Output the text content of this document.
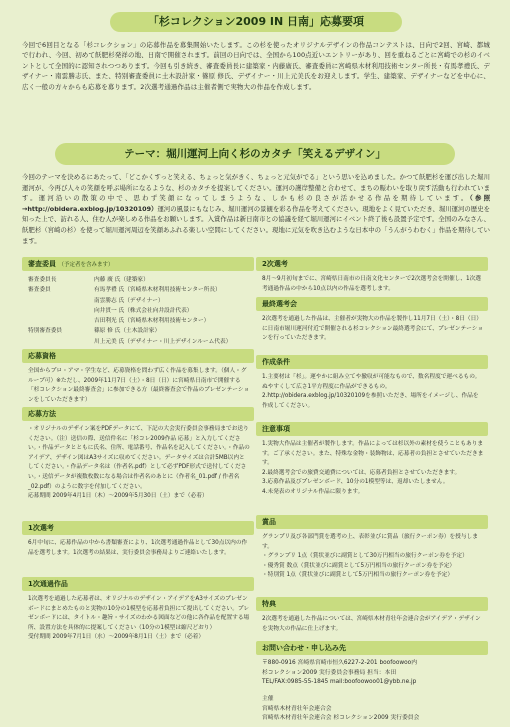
「杉コレクション2009 IN 日南」応募要項
今回で6回目となる「杉コレクション」の応募作品を募集開始いたします。この杉を使ったオリジナルデザインの作品コンテストは、日向で2回、宮崎、都城で行われ、今回、初めて飫肥杉発祥の地、日南で開催されます。前回の日向では、全国から100点近いエントリーがあり、回を重ねるごとに宮崎での杉のイベントとして全国的に認知されつつあります。今回も引き続き、審査委員長に建築家・内藤廣氏、審査委員に宮崎県木材利用技術センター所長・有馬孝禮氏、デザイナー・南雲勝志氏、また、特別審査委員に土木設計家・篠原 修氏、デザイナー・川上元美氏をお迎えします。学生、建築家、デザイナーなどを中心に、広く一般の方々からも応募を募ります。2次選考通過作品は主催者側で実物大の作品を作成します。
テーマ：堀川運河上向く杉のカタチ「笑えるデザイン」
今回のテーマを決めるにあたって、「どこかくすっと笑える、ちょっと気がきく、ちょっと元気がでる」という思いを込めました。かつて飫肥杉を運び出した堀川運河が、今再び人々の笑顔を呼ぶ場所になるような、杉のカタチを提案してください。運河の護岸整備と合わせて、まちの賑わいを取り戻す活動も行われています。運河沿いの散策の中で、思わず笑顔になってしまうような、しかも杉の良さが活かせる作品を期待しています。（参照→http://obidera.exblog.jp/10320109）運河の風景にもなじみ、堀川運河の景観を彩る作品を考えてください。現地をよく見ていただき、堀川運河の歴史を知った上で、訪れる人、住む人が楽しめる作品をお願いします。入賞作品は新日南市との協議を経て堀川運河にイベント終了後も設置予定です。全国のみなさん、飫肥杉（宮崎の杉）を使って堀川運河周辺を笑顔あふれる楽しい空間にしてください。現地に元気を吹き込むような日本中の「うんがうわむく」作品を期待しています。
審査委員 （予定者を含みます）
審査委員長	内藤 廣 氏（建築家）
審査委員	有馬孝禮 氏（宮崎県木材利用技術センター所長）
南雲勝志 氏（デザイナー）
向井貫一 氏（株式会社向井設計代表）
吉田利光 氏（宮崎県木材利用技術センター）
特別審査委員	篠原 修 氏（土木設計家）
川上元美 氏（デザイナー・川上デザインルーム代表）
応募資格
全国からプロ・アマ・学生など、応募資格を問わず広く作品を募集します。（個人・グループ可）※ただし、2009年11月7日（土）・8日（日）に宮崎県日南市で開催する「杉コレクション最終審査会」に参加できる方（最終審査会で作品のプレゼンテーションをしていただきます）
応募方法
・オリジナルのデザイン案をPDFデータにて、下記の大会実行委員会事務局までお送りください。（注）送信の際、送信件名に「杉コレ2009作品 応募」と入力してください。・作品データとともに氏名、住所、電話番号、作品名を記入してください。・作品のアイデア、デザイン図はA3サイズに収めてください。データサイズは合計5MB以内としてください。・作品データ名は（作者名.pdf）として必ずPDF形式で送付してください。・送信データが複数枚数になる場合は作者名のあとに（作者名_01.pdf / 作者名_02.pdf）のように数字を付加してください。
応募期間 2009年4月1日（木）〜2009年5月30日（土）まで（必着）
1次選考
6月中旬に、応募作品の中から書類審査により、1次選考通過作品として30点以内の作品を選考します。1次選考の結果は、実行委員会事務局よりご連絡いたします。
1次通過作品
1次選考を通過した応募者は、オリジナルのデザイン・アイデアをA3サイズのプレゼンボードにまとめたものと実物の10分の1模型を応募者負担にて提出してください。プレゼンボードには、タイトル・趣旨・サイズのわかる図面などの他に各作品を配置する場所、設置方法を具体的に提案してください（10分の1模型は縮尺どおり）
受付期間 2009年7月1日（水）〜2009年8月1日（土）まで（必着）
2次選考
8月〜9月初旬までに、宮崎県日南市の日南文化センターで2次選考会を開催し、1次選考通過作品の中から10点以内の作品を選考します。
最終選考会
2次選考を通過した作品は、主催者が実物大の作品を製作し11月7日（土）・8日（日）に日南市堀川運河付近で開催される杉コレクション最終選考会にて、プレゼンテーションを行っていただきます。
作成条件
1.主要材は「杉」。運やかに組み立てや撤収が可能なもので、数名程度で運べるもの。ぬやすくして広さ1平方程度に作品ができるもの。
2.http://obidera.exblog.jp/10320109を参照いただき、場所をイメージし、作品を作成してください。
注意事項
1.実物大作品は主催者が製作します。作品によっては杉以外の素材を使うこともあります。ご了承ください。また、特殊な金物・装飾物は、応募者の負担とさせていただきます。
2.最終選考会での旅費交通費については、応募者負担とさせていただきます。
3.応募作品及びプレゼンボード、10分の1模型等は、返却いたしません。
4.未発表のオリジナル作品に限ります。
賞品
グランプリ及び各部門賞を選考の上、表彰並びに賞品（旅行クーポン券）を授与します。
・グランプリ 1点（賞状並びに副賞として30万円相当の旅行クーポン券を予定）
・優秀賞 数点（賞状並びに副賞として5万円相当の旅行クーポン券を予定）
・特別賞 1点（賞状並びに副賞として5万円相当の旅行クーポン券を予定）
特典
2次選考を通過した作品については、宮崎県木材青壮年会連合会がアイデア・デザインを実物大の作品に仕上げます。
お問い合わせ・申し込み先
〒880-0916 宮崎県宮崎市恒久6227-2-201 boofoowoo内
杉コレクション2009 実行委員会事務局 担当：本田
TEL/FAX:0985-55-1845 mail:boofoowoo01@ybb.ne.jp
主催
宮崎県木材青壮年会連合会
宮崎県木材青壮年会連合会 杉コレクション2009 実行委員会
